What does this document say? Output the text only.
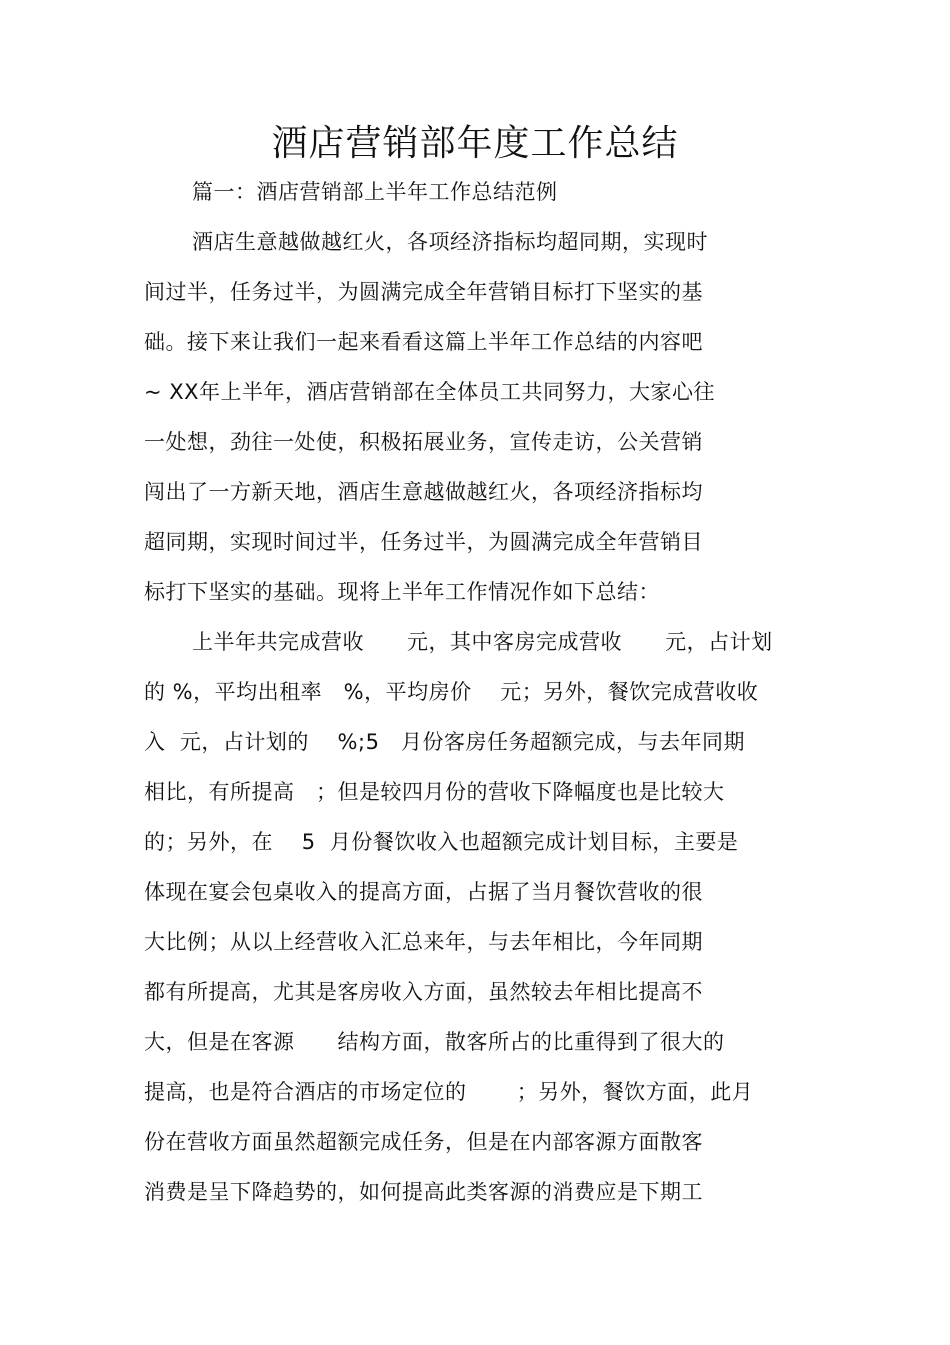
酒店营销部年度工作总结
篇一：酒店营销部上半年工作总结范例
酒店生意越做越红火，各项经济指标均超同期，实现时
间过半，任务过半，为圆满完成全年营销目标打下坚实的基
础。接下来让我们一起来看看这篇上半年工作总结的内容吧
~ XX年上半年，酒店营销部在全体员工共同努力，大家心往
一处想，劲往一处使，积极拓展业务，宣传走访，公关营销
闯出了一方新天地，酒店生意越做越红火，各项经济指标均
超同期，实现时间过半，任务过半，为圆满完成全年营销目
标打下坚实的基础。现将上半年工作情况作如下总结：
上半年共完成营收      元，其中客房完成营收      元，占计划
的 %，平均出租率   %，平均房价    元；另外，餐饮完成营收收
入  元，占计划的    %;5   月份客房任务超额完成，与去年同期
相比，有所提高   ；但是较四月份的营收下降幅度也是比较大
的；另外，在    5  月份餐饮收入也超额完成计划目标，主要是
体现在宴会包桌收入的提高方面，占据了当月餐饮营收的很
大比例；从以上经营收入汇总来年，与去年相比，今年同期
都有所提高，尤其是客房收入方面，虽然较去年相比提高不
大，但是在客源      结构方面，散客所占的比重得到了很大的
提高，也是符合酒店的市场定位的       ；另外，餐饮方面，此月
份在营收方面虽然超额完成任务，但是在内部客源方面散客
消费是呈下降趋势的，如何提高此类客源的消费应是下期工
